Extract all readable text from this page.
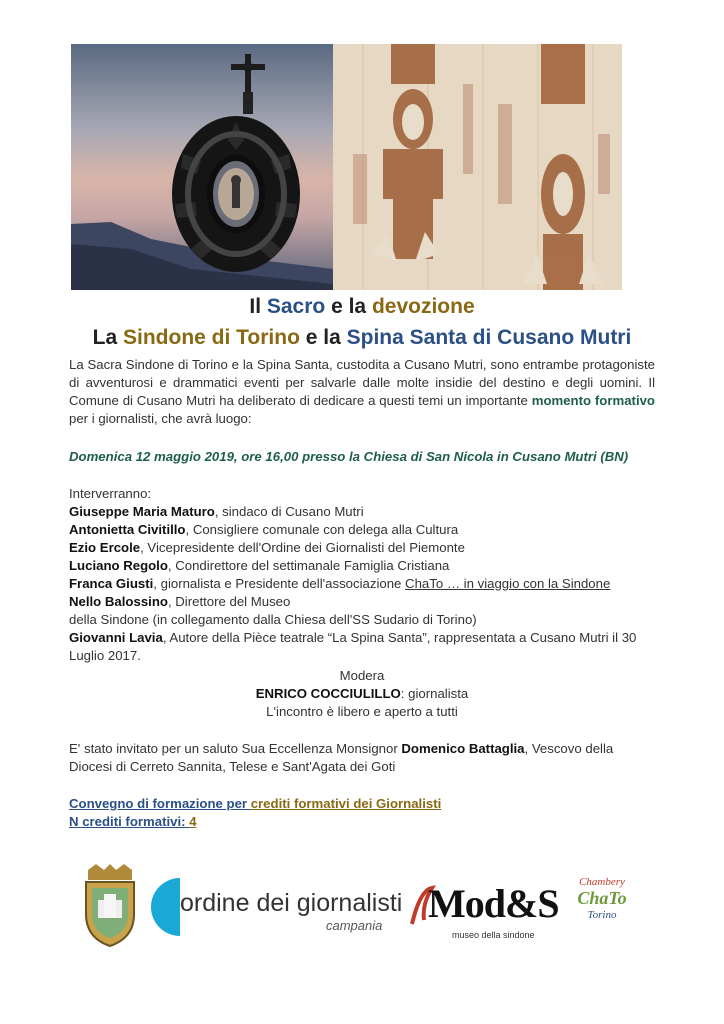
Il Sacro e la devozione
La Sindone di Torino e la Spina Santa di Cusano Mutri
La Sacra Sindone di Torino e la Spina Santa, custodita a Cusano Mutri, sono entrambe protagoniste di avventurosi e drammatici eventi per salvarle dalle molte insidie del destino e degli uomini. Il Comune di Cusano Mutri ha deliberato di dedicare a questi temi un importante momento formativo per i giornalisti, che avrà luogo:
Domenica 12 maggio 2019, ore 16,00 presso la Chiesa di San Nicola in Cusano Mutri (BN)

Interverranno:

Giuseppe Maria Maturo, sindaco di Cusano Mutri

Antonietta Civitillo, Consigliere comunale con delega alla Cultura

Ezio Ercole, Vicepresidente dell'Ordine dei Giornalisti del Piemonte

Luciano Regolo, Condirettore del settimanale Famiglia Cristiana

Franca Giusti, giornalista e Presidente dell'associazione ChaTo … in viaggio con la Sindone

Nello Balossino, Direttore del Museo

della Sindone (in collegamento dalla Chiesa dell'SS Sudario di Torino)

Giovanni Lavia, Autore della Pièce teatrale “La Spina Santa”, rappresentata a Cusano Mutri il 30 Luglio 2017.

Modera
ENRICO COCCIULILLO: giornalista
L'incontro è libero e aperto a tutti
E' stato invitato per un saluto Sua Eccellenza Monsignor Domenico Battaglia, Vescovo della Diocesi di Cerreto Sannita, Telese e Sant'Agata dei Goti
Convegno di formazione per crediti formativi dei Giornalisti
N crediti formativi: 4
ordine dei giornalisti
campania Mod&S
museo della sindone
Chambery
ChaTo
Torino
